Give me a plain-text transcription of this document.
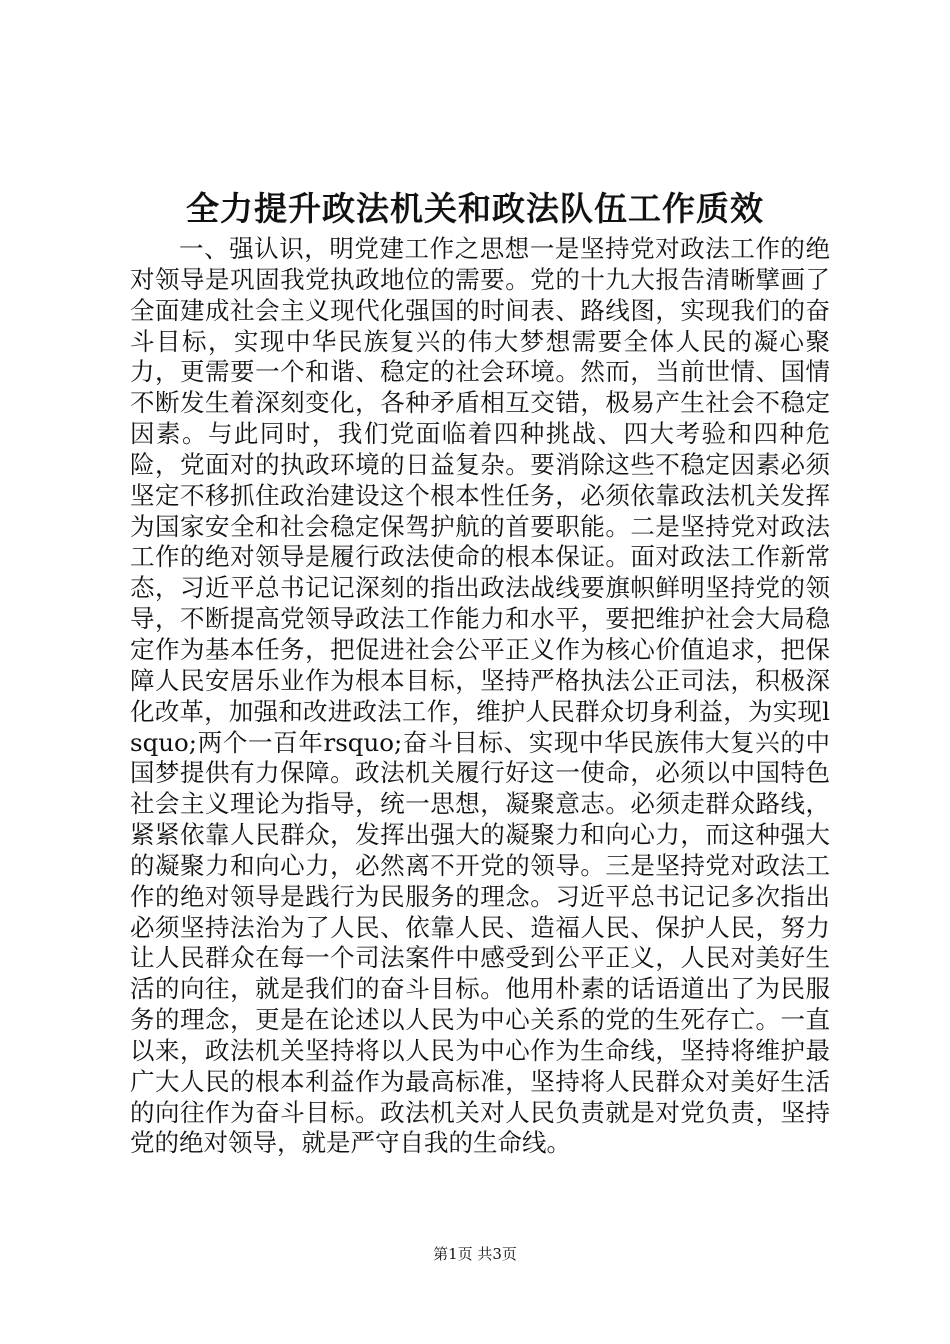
全力提升政法机关和政法队伍工作质效

一、强认识，明党建工作之思想一是坚持党对政法工作的绝对领导是巩固我党执政地位的需要。党的十九大报告清晰擘画了全面建成社会主义现代化强国的时间表、路线图，实现我们的奋斗目标，实现中华民族复兴的伟大梦想需要全体人民的凝心聚力，更需要一个和谐、稳定的社会环境。然而，当前世情、国情不断发生着深刻变化，各种矛盾相互交错，极易产生社会不稳定因素。与此同时，我们党面临着四种挑战、四大考验和四种危险，党面对的执政环境的日益复杂。要消除这些不稳定因素必须坚定不移抓住政治建设这个根本性任务，必须依靠政法机关发挥为国家安全和社会稳定保驾护航的首要职能。二是坚持党对政法工作的绝对领导是履行政法使命的根本保证。面对政法工作新常态，习近平总书记记深刻的指出政法战线要旗帜鲜明坚持党的领导，不断提高党领导政法工作能力和水平，要把维护社会大局稳定作为基本任务，把促进社会公平正义作为核心价值追求，把保障人民安居乐业作为根本目标，坚持严格执法公正司法，积极深化改革，加强和改进政法工作，维护人民群众切身利益，为实现lsquo;两个一百年rsquo;奋斗目标、实现中华民族伟大复兴的中国梦提供有力保障。政法机关履行好这一使命，必须以中国特色社会主义理论为指导，统一思想，凝聚意志。必须走群众路线，紧紧依靠人民群众，发挥出强大的凝聚力和向心力，而这种强大的凝聚力和向心力，必然离不开党的领导。三是坚持党对政法工作的绝对领导是践行为民服务的理念。习近平总书记记多次指出必须坚持法治为了人民、依靠人民、造福人民、保护人民，努力让人民群众在每一个司法案件中感受到公平正义，人民对美好生活的向往，就是我们的奋斗目标。他用朴素的话语道出了为民服务的理念，更是在论述以人民为中心关系的党的生死存亡。一直以来，政法机关坚持将以人民为中心作为生命线，坚持将维护最广大人民的根本利益作为最高标准，坚持将人民群众对美好生活的向往作为奋斗目标。政法机关对人民负责就是对党负责，坚持党的绝对领导，就是严守自我的生命线。

第1页 共3页
